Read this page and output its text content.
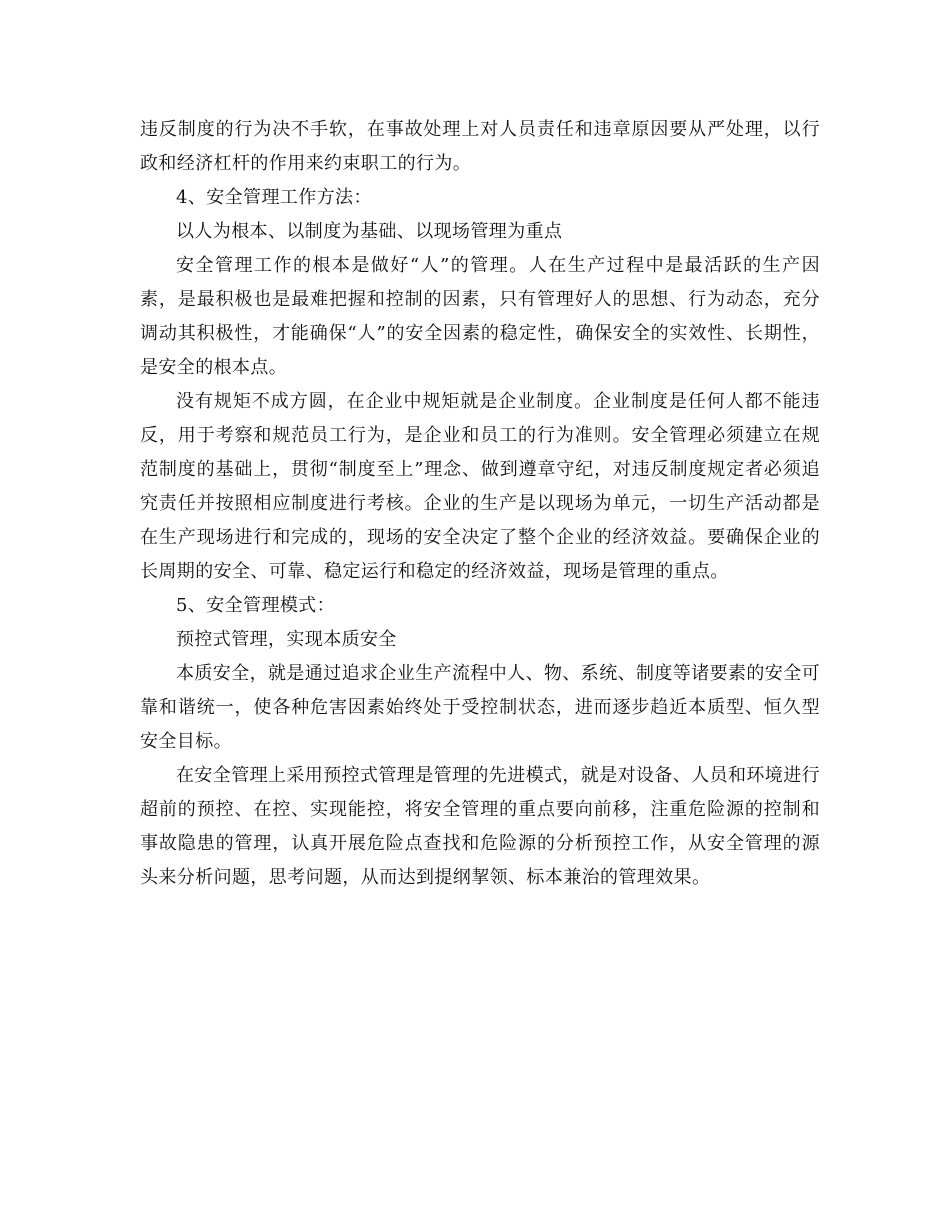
违反制度的行为决不手软，在事故处理上对人员责任和违章原因要从严处理，以行政和经济杠杆的作用来约束职工的行为。

4、安全管理工作方法：

以人为根本、以制度为基础、以现场管理为重点

安全管理工作的根本是做好“人”的管理。人在生产过程中是最活跃的生产因素，是最积极也是最难把握和控制的因素，只有管理好人的思想、行为动态，充分调动其积极性，才能确保“人”的安全因素的稳定性，确保安全的实效性、长期性，是安全的根本点。

没有规矩不成方圆，在企业中规矩就是企业制度。企业制度是任何人都不能违反，用于考察和规范员工行为，是企业和员工的行为准则。安全管理必须建立在规范制度的基础上，贯彻“制度至上”理念、做到遵章守纪，对违反制度规定者必须追究责任并按照相应制度进行考核。企业的生产是以现场为单元，一切生产活动都是在生产现场进行和完成的，现场的安全决定了整个企业的经济效益。要确保企业的长周期的安全、可靠、稳定运行和稳定的经济效益，现场是管理的重点。

5、安全管理模式：

预控式管理，实现本质安全

本质安全，就是通过追求企业生产流程中人、物、系统、制度等诸要素的安全可靠和谐统一，使各种危害因素始终处于受控制状态，进而逐步趋近本质型、恒久型安全目标。

在安全管理上采用预控式管理是管理的先进模式，就是对设备、人员和环境进行超前的预控、在控、实现能控，将安全管理的重点要向前移，注重危险源的控制和事故隐患的管理，认真开展危险点查找和危险源的分析预控工作，从安全管理的源头来分析问题，思考问题，从而达到提纲挈领、标本兼治的管理效果。
